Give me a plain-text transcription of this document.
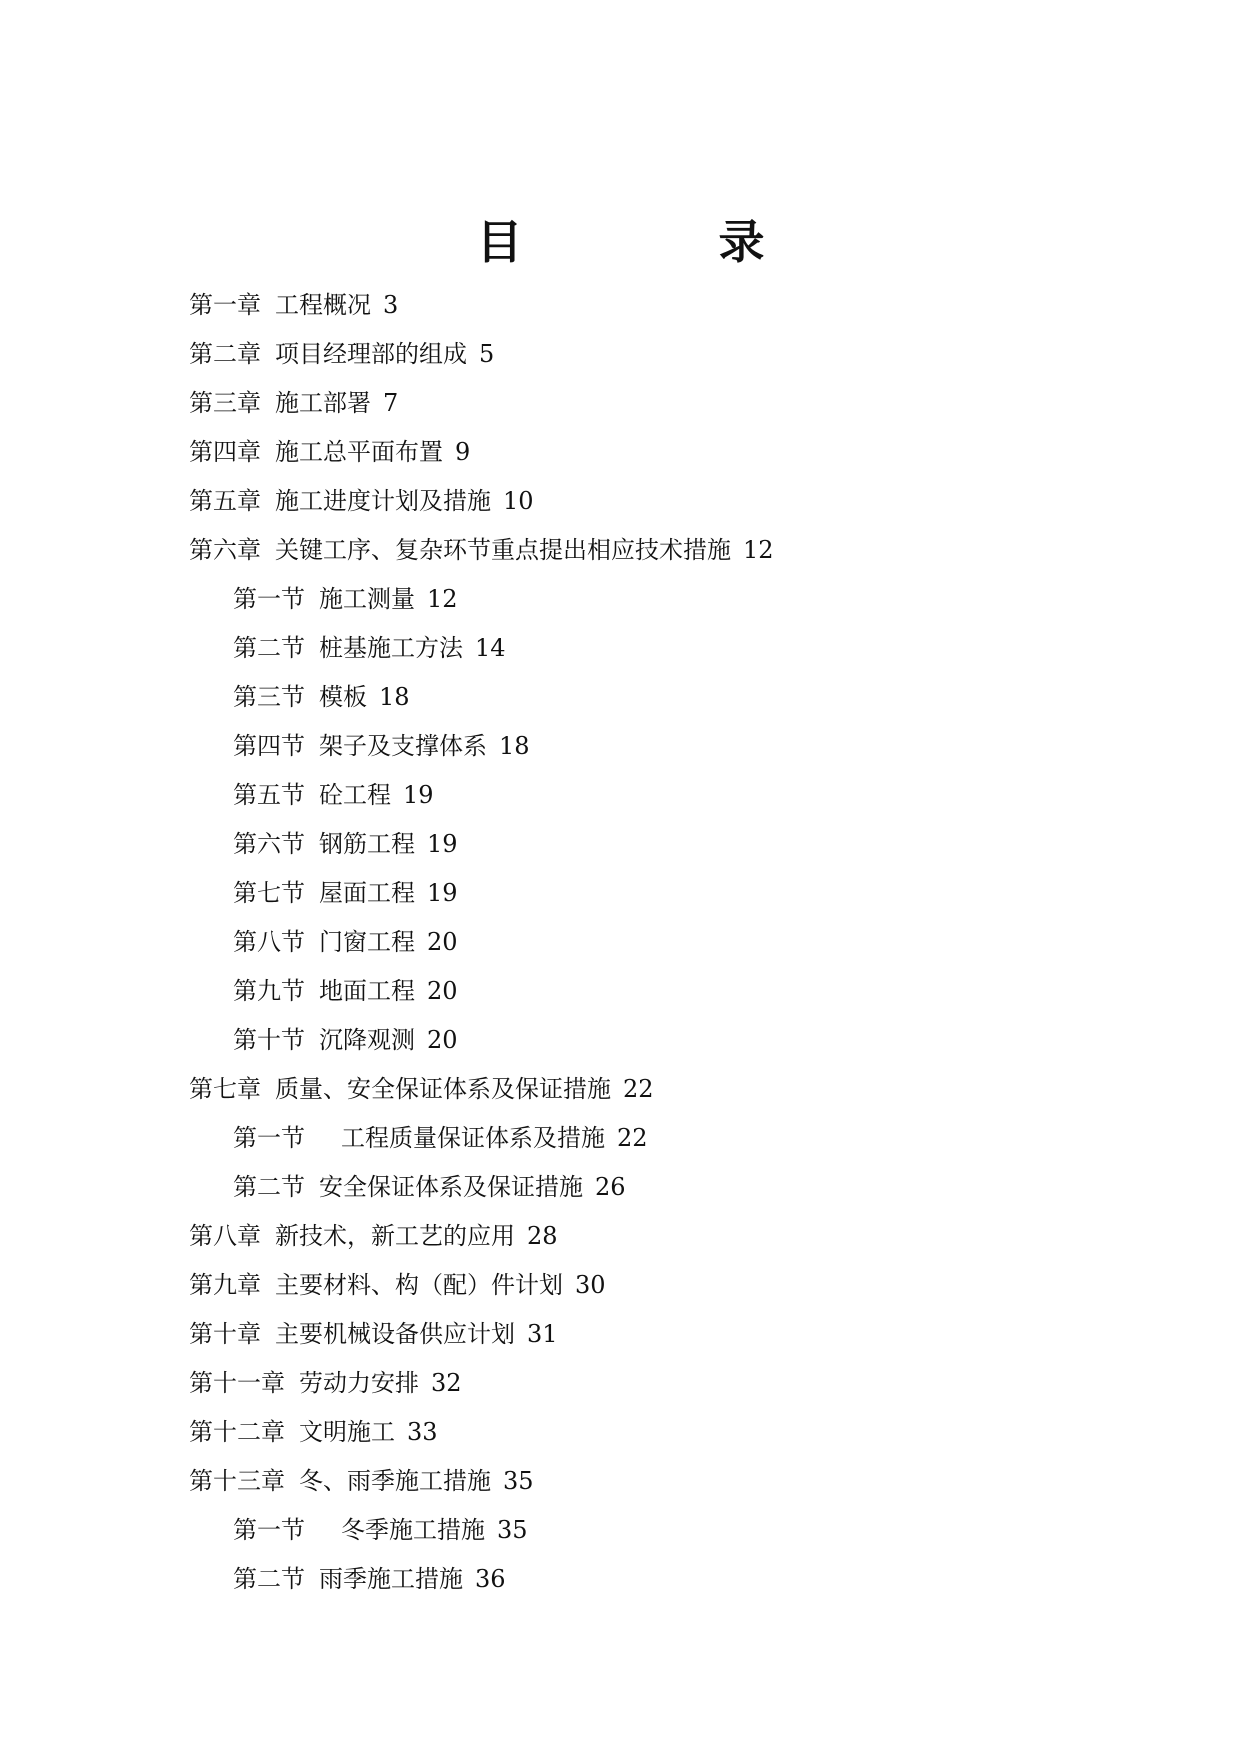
目 录
第一章 工程概况 3
第二章 项目经理部的组成 5
第三章 施工部署 7
第四章 施工总平面布置 9
第五章 施工进度计划及措施 10
第六章 关键工序、复杂环节重点提出相应技术措施 12
第一节 施工测量 12
第二节 桩基施工方法 14
第三节 模板 18
第四节 架子及支撑体系 18
第五节 砼工程 19
第六节 钢筋工程 19
第七节 屋面工程 19
第八节 门窗工程 20
第九节 地面工程 20
第十节 沉降观测 20
第七章 质量、安全保证体系及保证措施 22
第一节 工程质量保证体系及措施 22
第二节 安全保证体系及保证措施 26
第八章 新技术，新工艺的应用 28
第九章 主要材料、构（配）件计划 30
第十章 主要机械设备供应计划 31
第十一章 劳动力安排 32
第十二章 文明施工 33
第十三章 冬、雨季施工措施 35
第一节 冬季施工措施 35
第二节 雨季施工措施 36
